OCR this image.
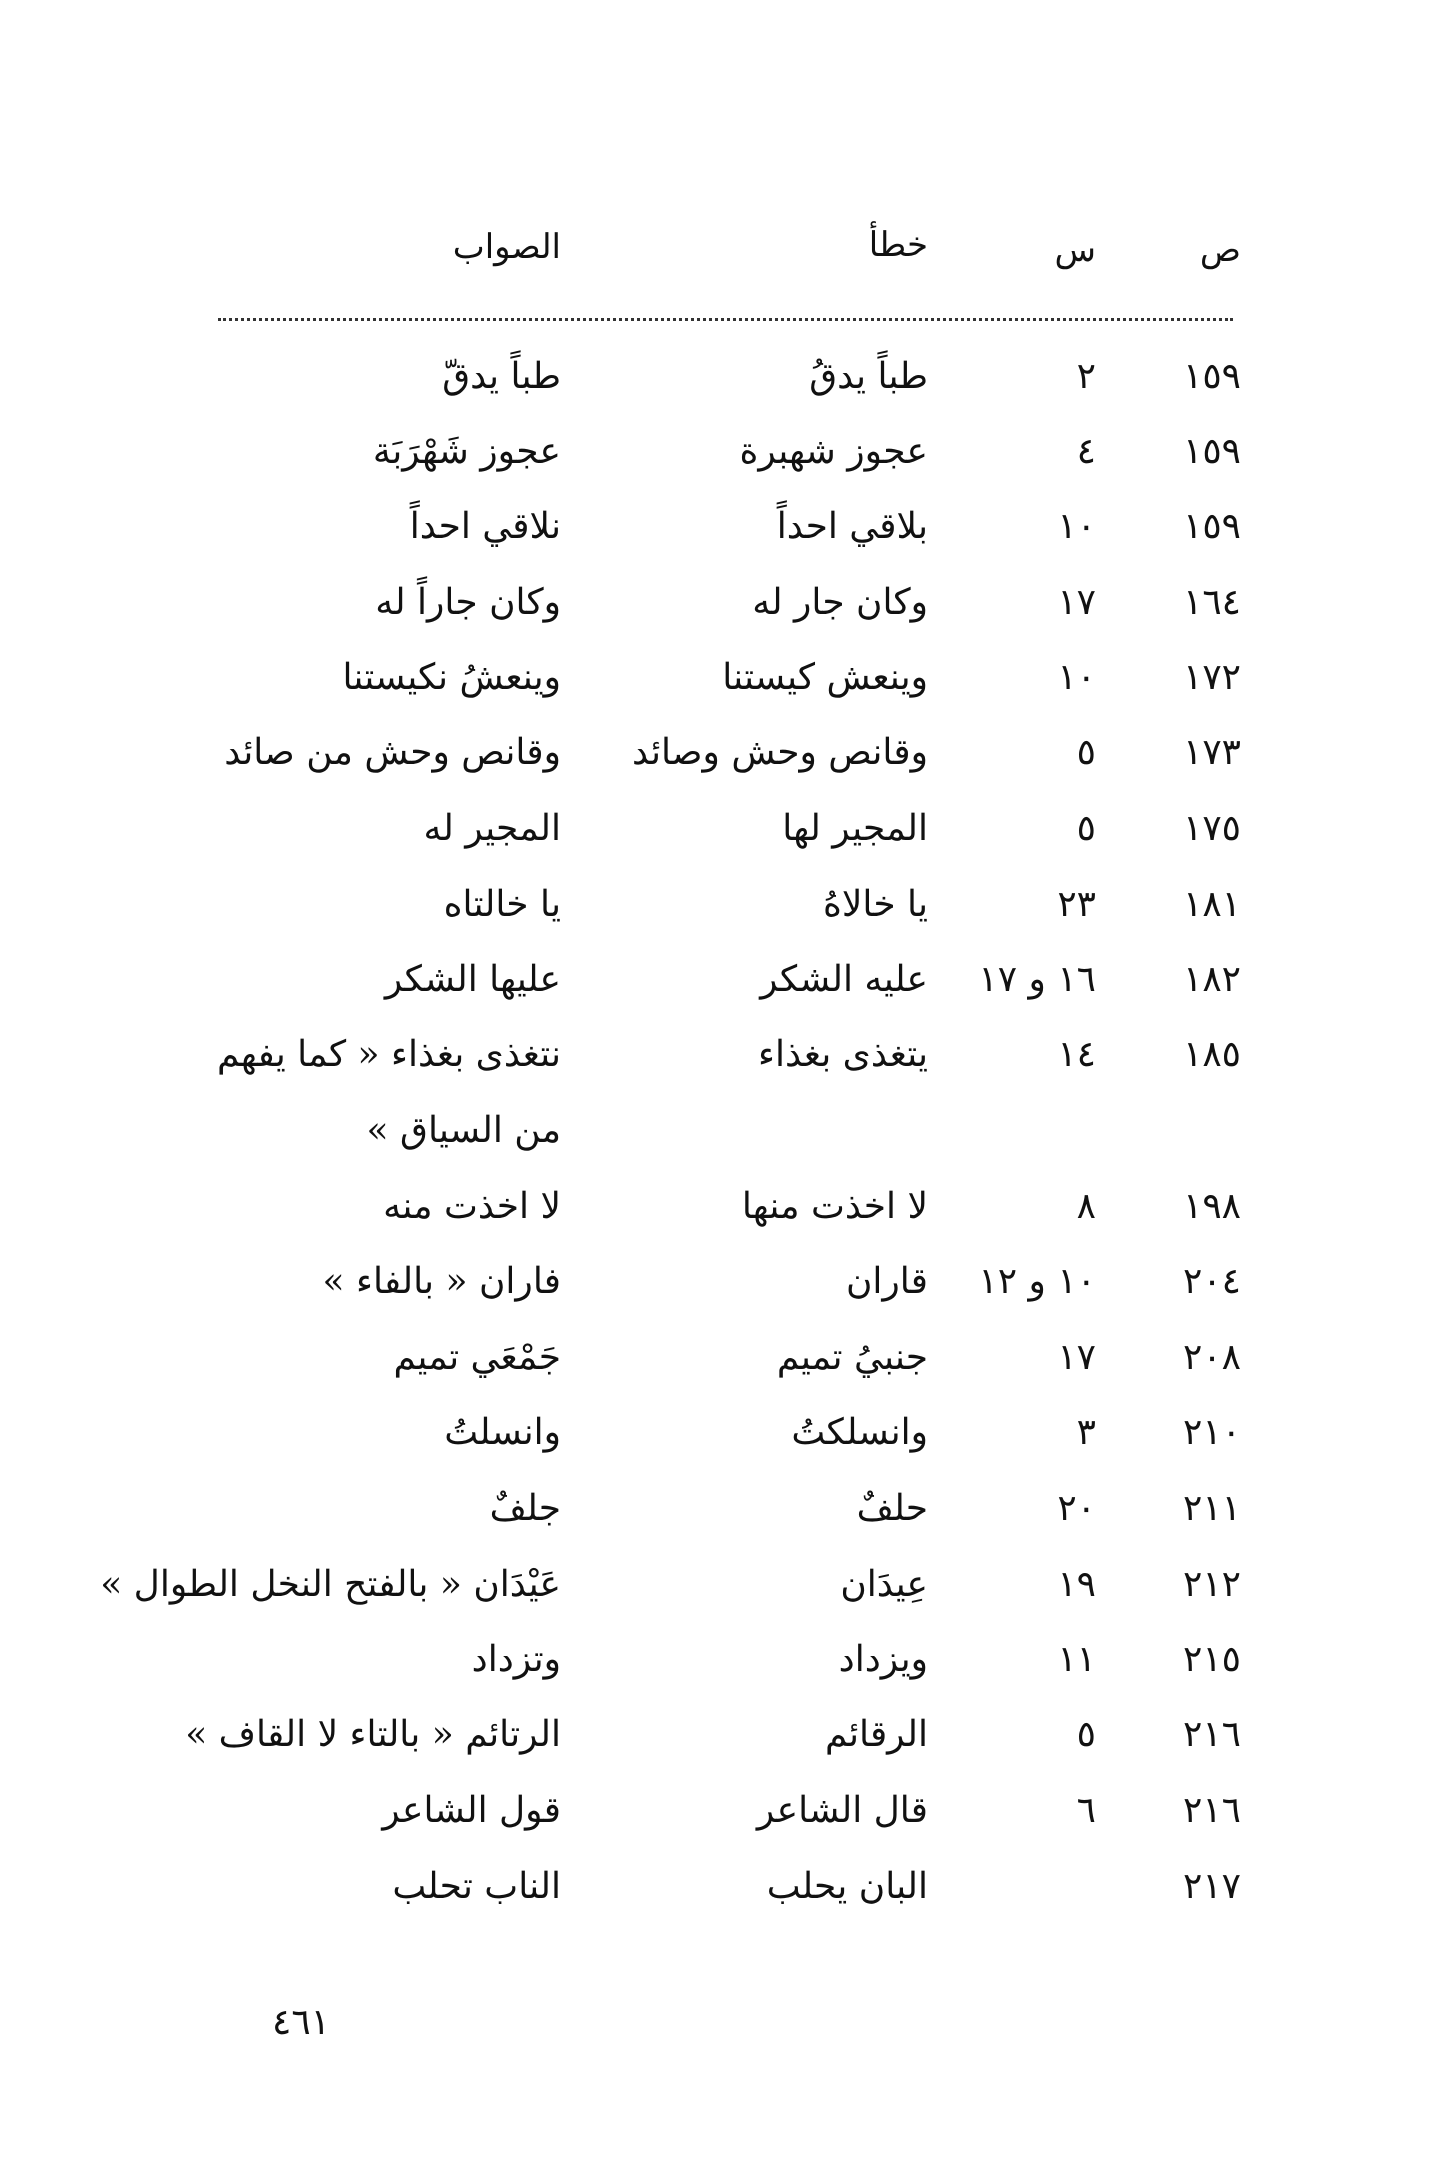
ص
س
خطأ
الصواب
١٥٩
٢
طباً يدقُ
طباً يدقّ
١٥٩
٤
عجوز شهبرة
عجوز شَهْرَبَة
١٥٩
١٠
بلاقي احداً
نلاقي احداً
١٦٤
١٧
وكان جار له
وكان جاراً له
١٧٢
١٠
وينعش كيستنا
وينعشُ نكيستنا
١٧٣
٥
وقانص وحش وصائد
وقانص وحش من صائد
١٧٥
٥
المجير لها
المجير له
١٨١
٢٣
يا خالاهُ
يا خالتاه
١٨٢
١٦ و ١٧
عليه الشكر
عليها الشكر
١٨٥
١٤
يتغذى بغذاء
نتغذى بغذاء « كما يفهم
من السياق »
١٩٨
٨
لا اخذت منها
لا اخذت منه
٢٠٤
١٠ و ١٢
قاران
فاران « بالفاء »
٢٠٨
١٧
جنبيُ تميم
جَمْعَي تميم
٢١٠
٣
وانسلكتُ
وانسلتُ
٢١١
٢٠
حلفٌ
جلفٌ
٢١٢
١٩
عِيدَان
عَيْدَان « بالفتح النخل الطوال »
٢١٥
١١
ويزداد
وتزداد
٢١٦
٥
الرقائم
الرتائم « بالتاء لا القاف »
٢١٦
٦
قال الشاعر
قول الشاعر
٢١٧
البان يحلب
الناب تحلب
٤٦١
